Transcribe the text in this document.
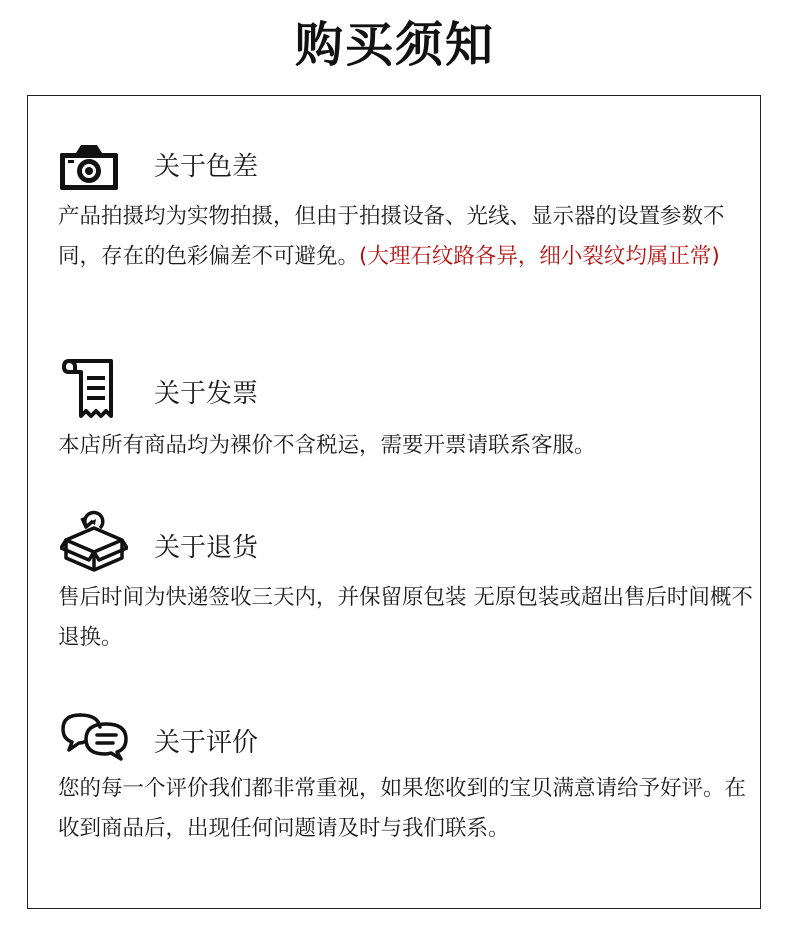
购买须知
关于色差

产品拍摄均为实物拍摄，但由于拍摄设备、光线、显示器的设置参数不同，存在的色彩偏差不可避免。(大理石纹路各异，细小裂纹均属正常)

关于发票

本店所有商品均为裸价不含税运，需要开票请联系客服。

关于退货

售后时间为快递签收三天内，并保留原包装 无原包装或超出售后时间概不退换。

关于评价

您的每一个评价我们都非常重视，如果您收到的宝贝满意请给予好评。在收到商品后，出现任何问题请及时与我们联系。
